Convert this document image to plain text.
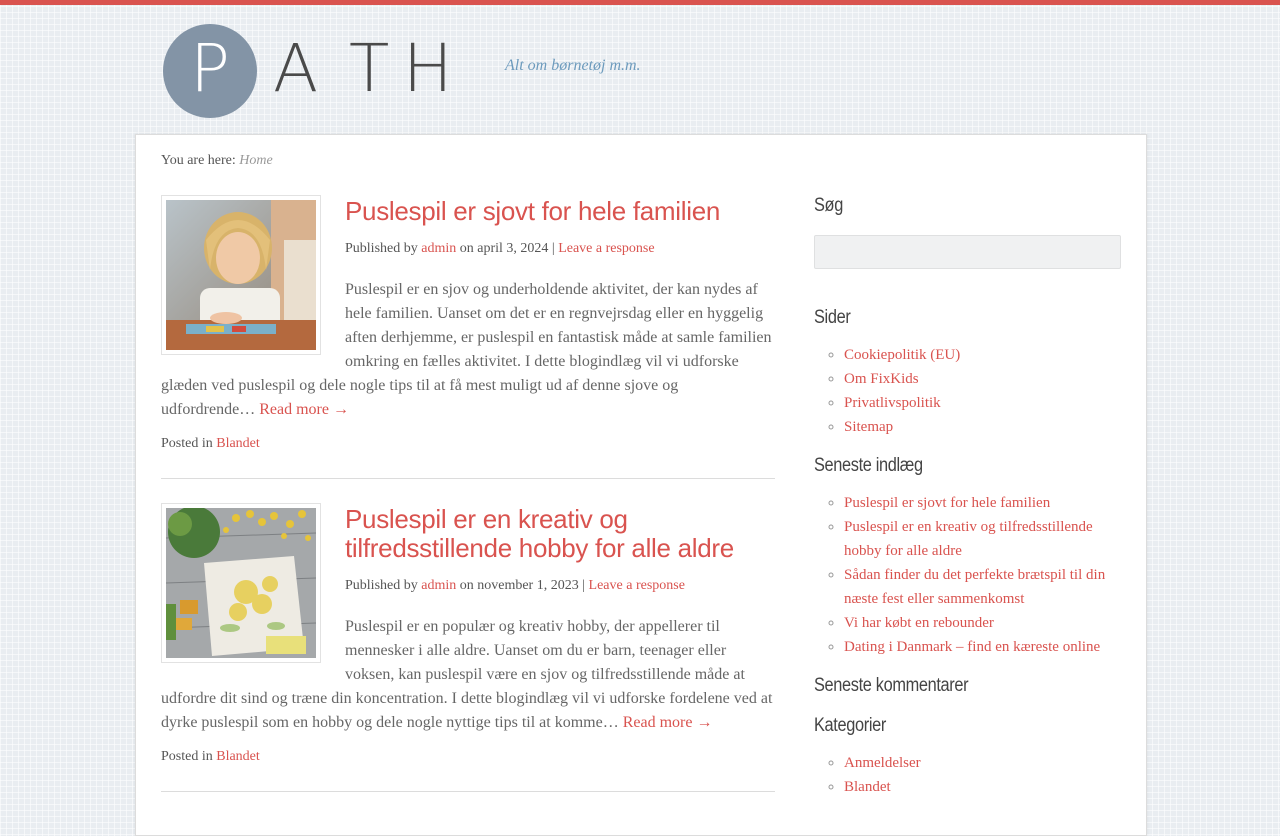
P A T H	Alt om børnetøj m.m.
You are here: Home
Puslespil er sjovt for hele familien
Published by admin on april 3, 2024 | Leave a response

Puslespil er en sjov og underholdende aktivitet, der kan nydes af hele familien. Uanset om det er en regnvejrsdag eller en hyggelig aften derhjemme, er puslespil en fantastisk måde at samle familien omkring en fælles aktivitet. I dette blogindlæg vil vi udforske glæden ved puslespil og dele nogle tips til at få mest muligt ud af denne sjove og udfordrende… Read more →

Posted in Blandet
Puslespil er en kreativ og tilfredsstillende hobby for alle aldre
Published by admin on november 1, 2023 | Leave a response

Puslespil er en populær og kreativ hobby, der appellerer til mennesker i alle aldre. Uanset om du er barn, teenager eller voksen, kan puslespil være en sjov og tilfredsstillende måde at udfordre dit sind og træne din koncentration. I dette blogindlæg vil vi udforske fordelene ved at dyrke puslespil som en hobby og dele nogle nyttige tips til at komme… Read more →

Posted in Blandet
Søg
Sider
◦ Cookiepolitik (EU)
◦ Om FixKids
◦ Privatlivspolitik
◦ Sitemap
Seneste indlæg
◦ Puslespil er sjovt for hele familien
◦ Puslespil er en kreativ og tilfredsstillende hobby for alle aldre
◦ Sådan finder du det perfekte brætspil til din næste fest eller sammenkomst
◦ Vi har købt en rebounder
◦ Dating i Danmark – find en kæreste online
Seneste kommentarer
Kategorier
◦ Anmeldelser
◦ Blandet
